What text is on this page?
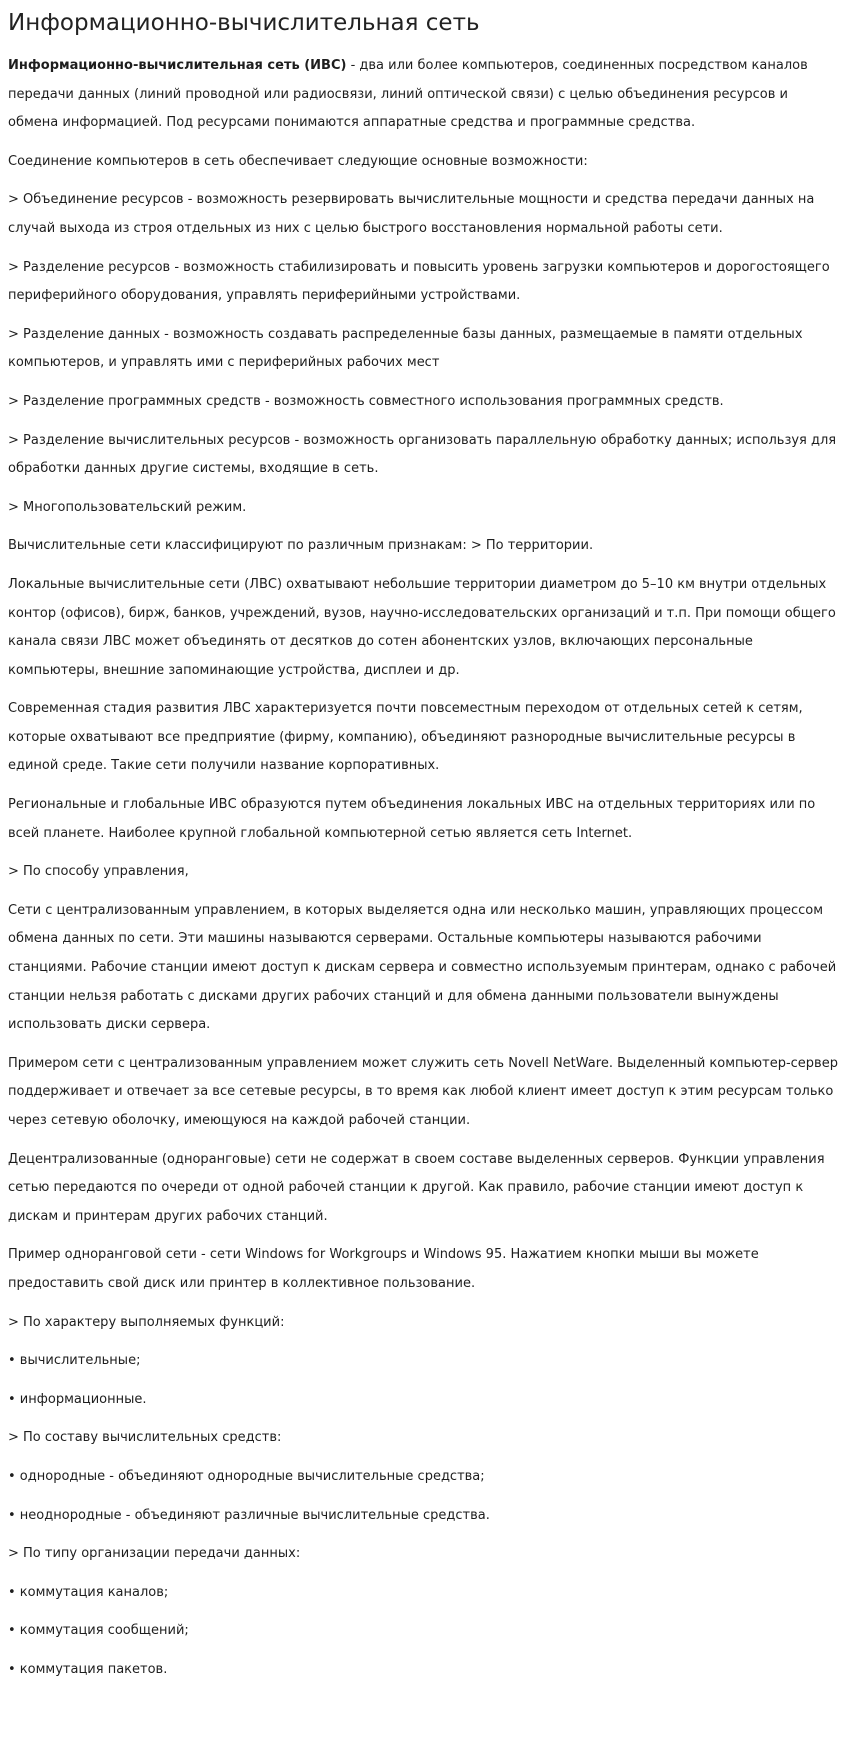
Информационно-вычислительная сеть

Информационно-вычислительная сеть (ИВС) - два или более компьютеров, соединенных посредством каналов передачи данных (линий проводной или радиосвязи, линий оптической связи) с целью объединения ресурсов и обмена информацией. Под ресурсами понимаются аппаратные средства и программные средства.

Соединение компьютеров в сеть обеспечивает следующие основные возможности:

> Объединение ресурсов - возможность резервировать вычислительные мощности и средства передачи данных на случай выхода из строя отдельных из них с целью быстрого восстановления нормальной работы сети.

> Разделение ресурсов - возможность стабилизировать и повысить уровень загрузки компьютеров и дорогостоящего периферийного оборудования, управлять периферийными устройствами.

> Разделение данных - возможность создавать распределенные базы данных, размещаемые в памяти отдельных компьютеров, и управлять ими с периферийных рабочих мест

> Разделение программных средств - возможность совместного использования программных средств.

> Разделение вычислительных ресурсов - возможность организовать параллельную обработку данных; используя для обработки данных другие системы, входящие в сеть.

> Многопользовательский режим.

Вычислительные сети классифицируют по различным признакам: > По территории.

Локальные вычислительные сети (ЛВС) охватывают небольшие территории диаметром до 5–10 км внутри отдельных контор (офисов), бирж, банков, учреждений, вузов, научно-исследовательских организаций и т.п. При помощи общего канала связи ЛВС может объединять от десятков до сотен абонентских узлов, включающих персональные компьютеры, внешние запоминающие устройства, дисплеи и др.

Современная стадия развития ЛВС характеризуется почти повсеместным переходом от отдельных сетей к сетям, которые охватывают все предприятие (фирму, компанию), объединяют разнородные вычислительные ресурсы в единой среде. Такие сети получили название корпоративных.

Региональные и глобальные ИВС образуются путем объединения локальных ИВС на отдельных территориях или по всей планете. Наиболее крупной глобальной компьютерной сетью является сеть Internet.

> По способу управления,

Сети с централизованным управлением, в которых выделяется одна или несколько машин, управляющих процессом обмена данных по сети. Эти машины называются серверами. Остальные компьютеры называются рабочими станциями. Рабочие станции имеют доступ к дискам сервера и совместно используемым принтерам, однако с рабочей станции нельзя работать с дисками других рабочих станций и для обмена данными пользователи вынуждены использовать диски сервера.

Примером сети с централизованным управлением может служить сеть Novell NetWare. Выделенный компьютер-сервер поддерживает и отвечает за все сетевые ресурсы, в то время как любой клиент имеет доступ к этим ресурсам только через сетевую оболочку, имеющуюся на каждой рабочей станции.

Децентрализованные (одноранговые) сети не содержат в своем составе выделенных серверов. Функции управления сетью передаются по очереди от одной рабочей станции к другой. Как правило, рабочие станции имеют доступ к дискам и принтерам других рабочих станций.

Пример одноранговой сети - сети Windows for Workgroups и Windows 95. Нажатием кнопки мыши вы можете предоставить свой диск или принтер в коллективное пользование.

> По характеру выполняемых функций:

• вычислительные;

• информационные.

> По составу вычислительных средств:

• однородные - объединяют однородные вычислительные средства;

• неоднородные - объединяют различные вычислительные средства.

> По типу организации передачи данных:

• коммутация каналов;

• коммутация сообщений;

• коммутация пакетов.
